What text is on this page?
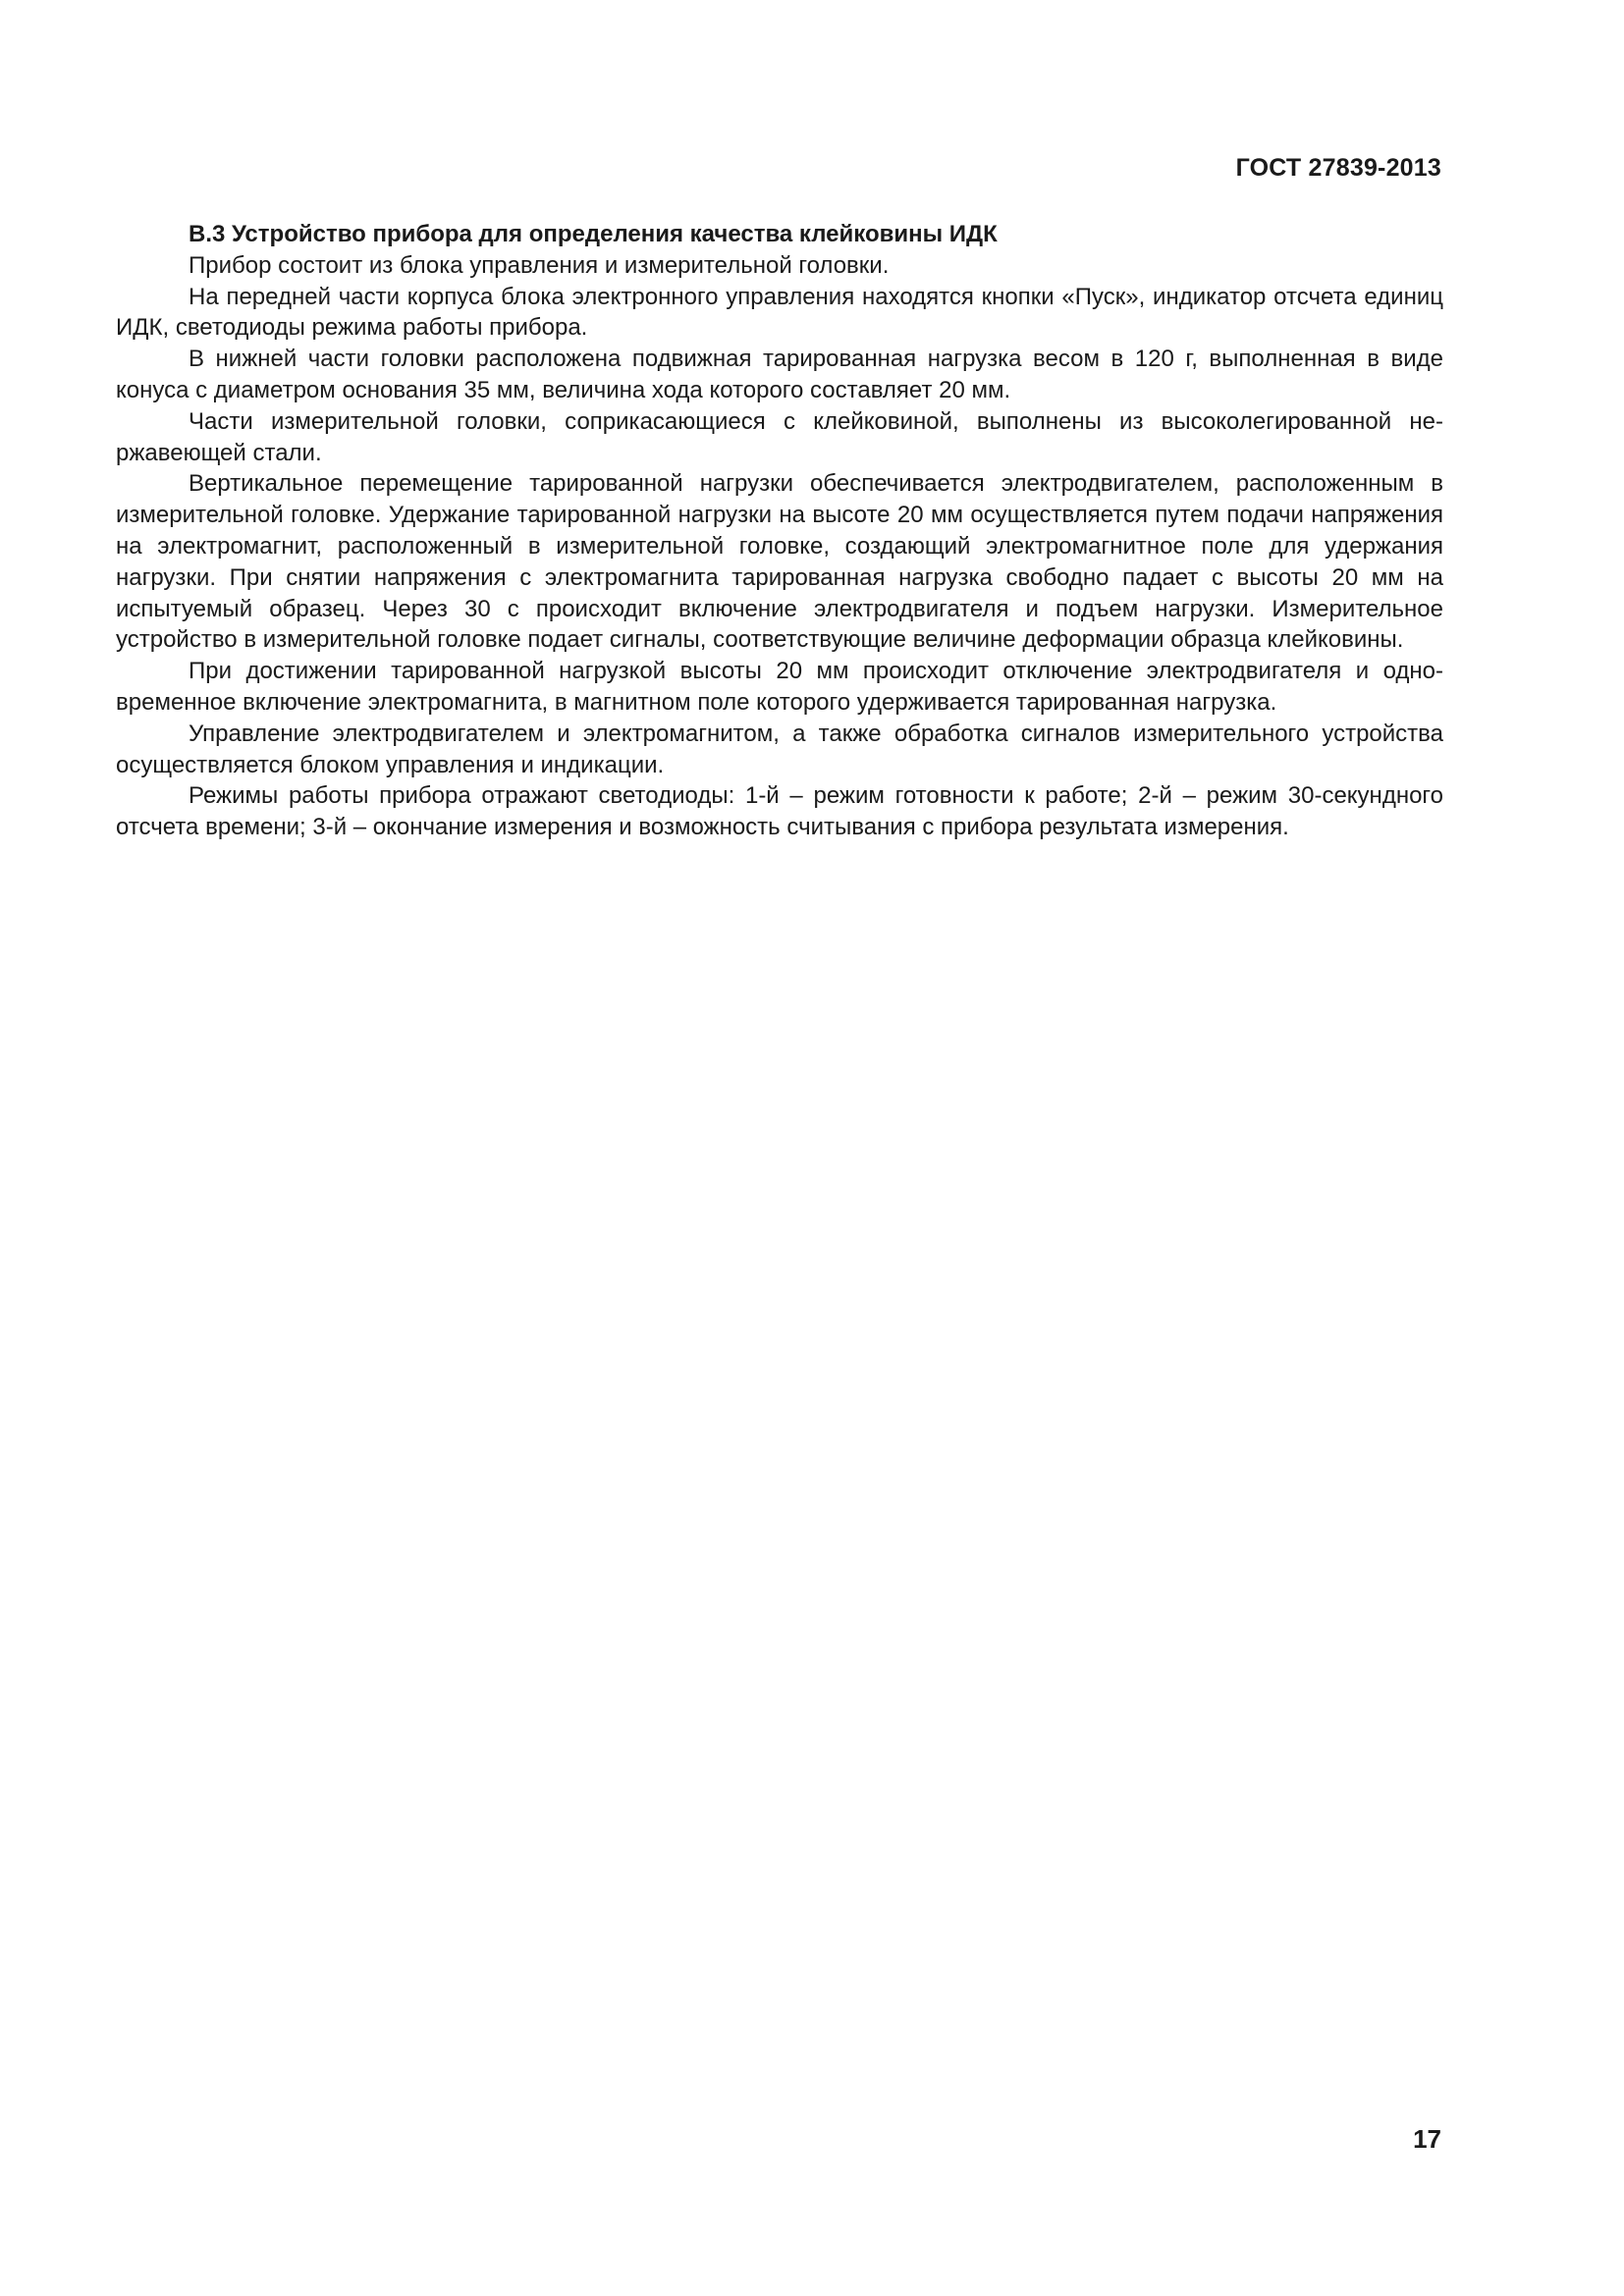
ГОСТ 27839-2013
В.3 Устройство прибора для определения качества клейковины ИДК

Прибор состоит из блока управления и измерительной головки.

На передней части корпуса блока электронного управления находятся кнопки «Пуск», индикатор отсчета единиц ИДК, светодиоды режима работы прибора.

В нижней части головки расположена подвижная тарированная нагрузка весом в 120 г, выполненная в виде конуса с диаметром основания 35 мм, величина хода которого составляет 20 мм.

Части измерительной головки, соприкасающиеся с клейковиной, выполнены из высоколегированной нержавеющей стали.

Вертикальное перемещение тарированной нагрузки обеспечивается электродвигателем, расположенным в измерительной головке. Удержание тарированной нагрузки на высоте 20 мм осуществляется путем подачи напряжения на электромагнит, расположенный в измерительной головке, создающий электромагнитное поле для удержания нагрузки. При снятии напряжения с электромагнита тарированная нагрузка свободно падает с высоты 20 мм на испытуемый образец. Через 30 с происходит включение электродвигателя и подъем нагрузки. Измерительное устройство в измерительной головке подает сигналы, соответствующие величине деформации образца клейковины.

При достижении тарированной нагрузкой высоты 20 мм происходит отключение электродвигателя и одновременное включение электромагнита, в магнитном поле которого удерживается тарированная нагрузка.

Управление электродвигателем и электромагнитом, а также обработка сигналов измерительного устройства осуществляется блоком управления и индикации.

Режимы работы прибора отражают светодиоды: 1-й – режим готовности к работе; 2-й – режим 30-секундного отсчета времени; 3-й – окончание измерения и возможность считывания с прибора результата измерения.

17
